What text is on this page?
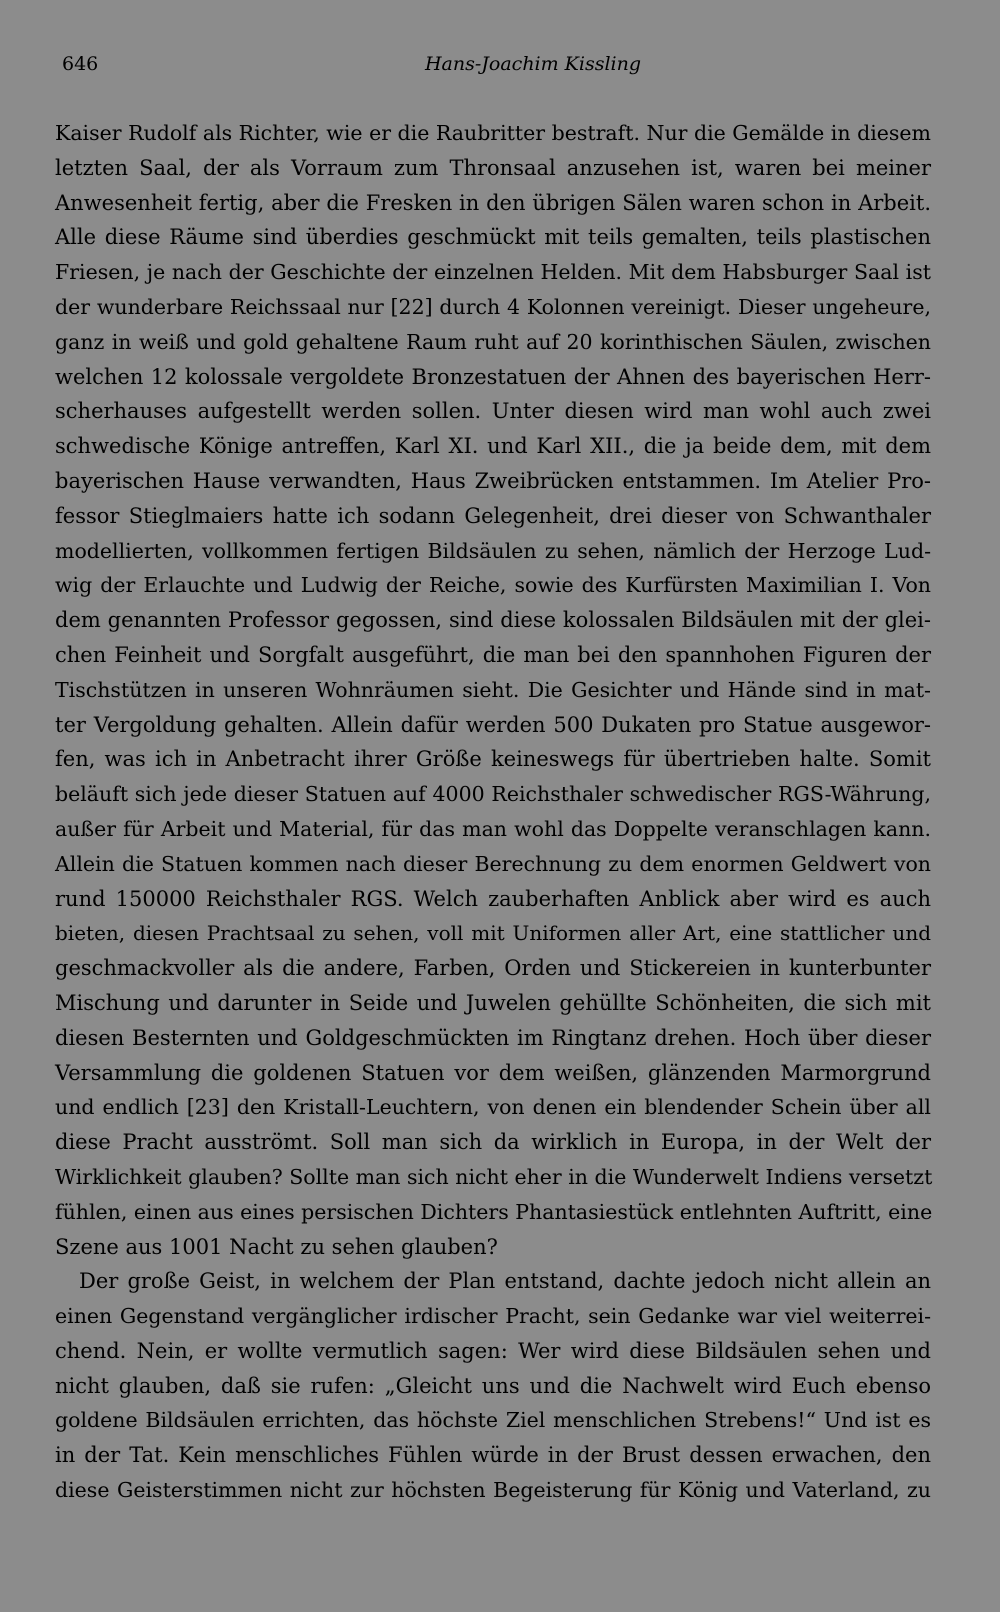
646	Hans-Joachim Kissling
Kaiser Rudolf als Richter, wie er die Raubritter bestraft. Nur die Gemälde in diesem
letzten Saal, der als Vorraum zum Thronsaal anzusehen ist, waren bei meiner
Anwesenheit fertig, aber die Fresken in den übrigen Sälen waren schon in Arbeit.
Alle diese Räume sind überdies geschmückt mit teils gemalten, teils plastischen
Friesen, je nach der Geschichte der einzelnen Helden. Mit dem Habsburger Saal ist
der wunderbare Reichssaal nur [22] durch 4 Kolonnen vereinigt. Dieser ungeheure,
ganz in weiß und gold gehaltene Raum ruht auf 20 korinthischen Säulen, zwischen
welchen 12 kolossale vergoldete Bronzestatuen der Ahnen des bayerischen Herr-
scherhauses aufgestellt werden sollen. Unter diesen wird man wohl auch zwei
schwedische Könige antreffen, Karl XI. und Karl XII., die ja beide dem, mit dem
bayerischen Hause verwandten, Haus Zweibrücken entstammen. Im Atelier Pro-
fessor Stieglmaiers hatte ich sodann Gelegenheit, drei dieser von Schwanthaler
modellierten, vollkommen fertigen Bildsäulen zu sehen, nämlich der Herzoge Lud-
wig der Erlauchte und Ludwig der Reiche, sowie des Kurfürsten Maximilian I. Von
dem genannten Professor gegossen, sind diese kolossalen Bildsäulen mit der glei-
chen Feinheit und Sorgfalt ausgeführt, die man bei den spannhohen Figuren der
Tischstützen in unseren Wohnräumen sieht. Die Gesichter und Hände sind in mat-
ter Vergoldung gehalten. Allein dafür werden 500 Dukaten pro Statue ausgewor-
fen, was ich in Anbetracht ihrer Größe keineswegs für übertrieben halte. Somit
beläuft sich jede dieser Statuen auf 4000 Reichsthaler schwedischer RGS-Währung,
außer für Arbeit und Material, für das man wohl das Doppelte veranschlagen kann.
Allein die Statuen kommen nach dieser Berechnung zu dem enormen Geldwert von
rund 150000 Reichsthaler RGS. Welch zauberhaften Anblick aber wird es auch
bieten, diesen Prachtsaal zu sehen, voll mit Uniformen aller Art, eine stattlicher und
geschmackvoller als die andere, Farben, Orden und Stickereien in kunterbunter
Mischung und darunter in Seide und Juwelen gehüllte Schönheiten, die sich mit
diesen Besternten und Goldgeschmückten im Ringtanz drehen. Hoch über dieser
Versammlung die goldenen Statuen vor dem weißen, glänzenden Marmorgrund
und endlich [23] den Kristall-Leuchtern, von denen ein blendender Schein über all
diese Pracht ausströmt. Soll man sich da wirklich in Europa, in der Welt der
Wirklichkeit glauben? Sollte man sich nicht eher in die Wunderwelt Indiens versetzt
fühlen, einen aus eines persischen Dichters Phantasiestück entlehnten Auftritt, eine
Szene aus 1001 Nacht zu sehen glauben?
Der große Geist, in welchem der Plan entstand, dachte jedoch nicht allein an
einen Gegenstand vergänglicher irdischer Pracht, sein Gedanke war viel weiterrei-
chend. Nein, er wollte vermutlich sagen: Wer wird diese Bildsäulen sehen und
nicht glauben, daß sie rufen: „Gleicht uns und die Nachwelt wird Euch ebenso
goldene Bildsäulen errichten, das höchste Ziel menschlichen Strebens!“ Und ist es
in der Tat. Kein menschliches Fühlen würde in der Brust dessen erwachen, den
diese Geisterstimmen nicht zur höchsten Begeisterung für König und Vaterland, zu
